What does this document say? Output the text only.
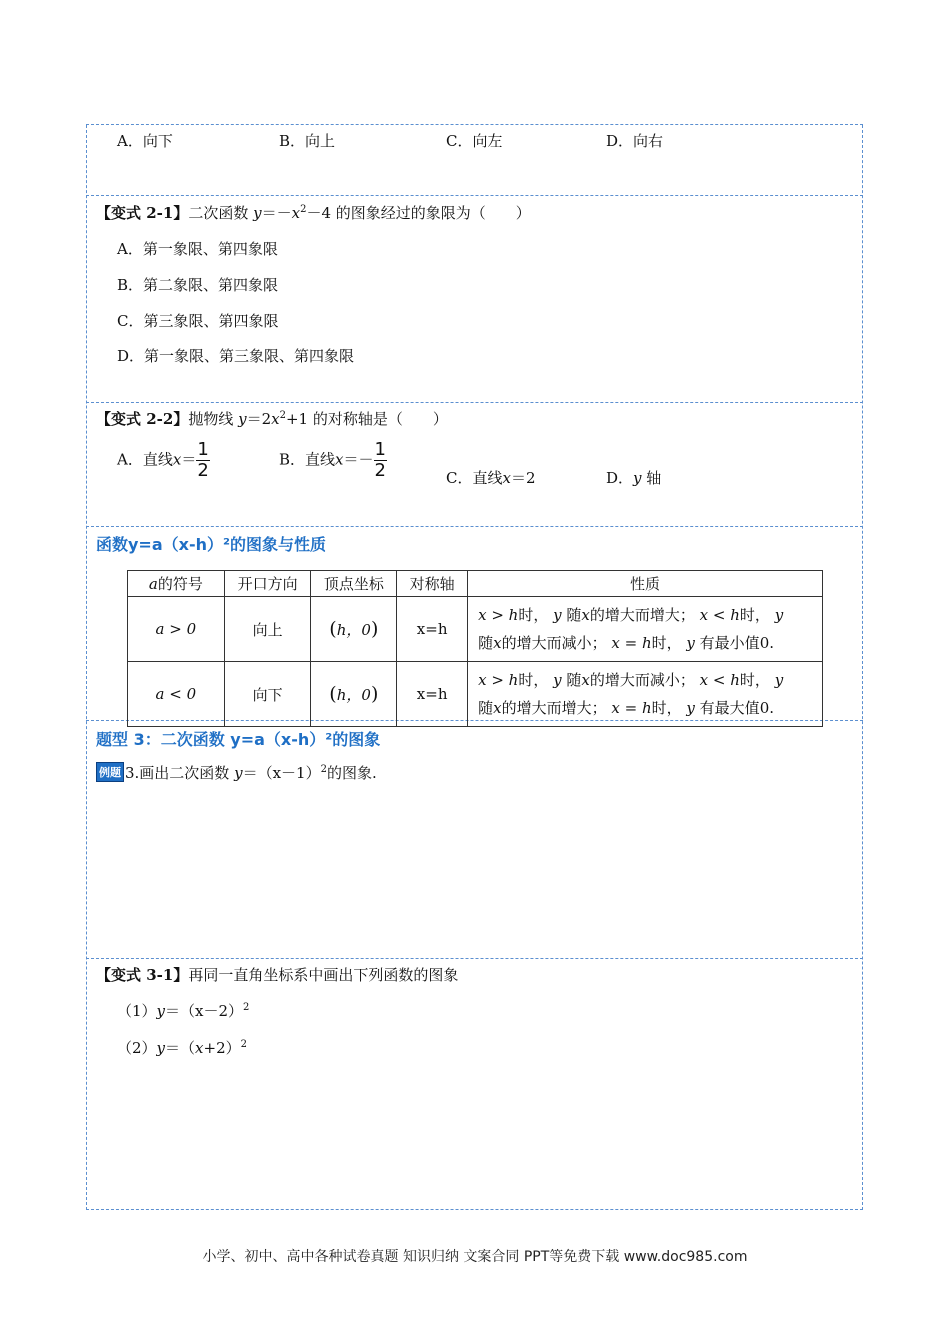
A．向下	B．向上	C．向左	D．向右
【变式 2-1】二次函数 $y=-x^2-4$ 的图象经过的象限为（　　）
A．第一象限、第四象限
B．第二象限、第四象限
C．第三象限、第四象限
D．第一象限、第三象限、第四象限
【变式 2-2】抛物线 $y=2x^2+1$ 的对称轴是（　　）
A．直线$x= \frac{1}{2}$	B．直线$x=- \frac{1}{2}$	C．直线x＝2	D．y 轴
函数y=a（x-h）²的图象与性质
a的符号	开口方向	顶点坐标	对称轴	性质
a > 0	向上	(h，0)	x=h	x > h时， y 随x的增大而增大； x < h时， y
随x的增大而减小； x = h时， y 有最小值0.
a < 0	向下	(h，0)	x=h	x > h时， y 随x的增大而减小； x < h时， y
随x的增大而增大； x = h时， y 有最大值0.
题型 3：二次函数 y=a（x-h）²的图象
例题 3.画出二次函数 $y=(x-1)^2$的图象.
【变式 3-1】再同一直角坐标系中画出下列函数的图象
$(1)y=(x-2)^2$
$(2)y=(x+2)^2$
小学、初中、高中各种试卷真题 知识归纳 文案合同 PPT等免费下载 www.doc985.com
